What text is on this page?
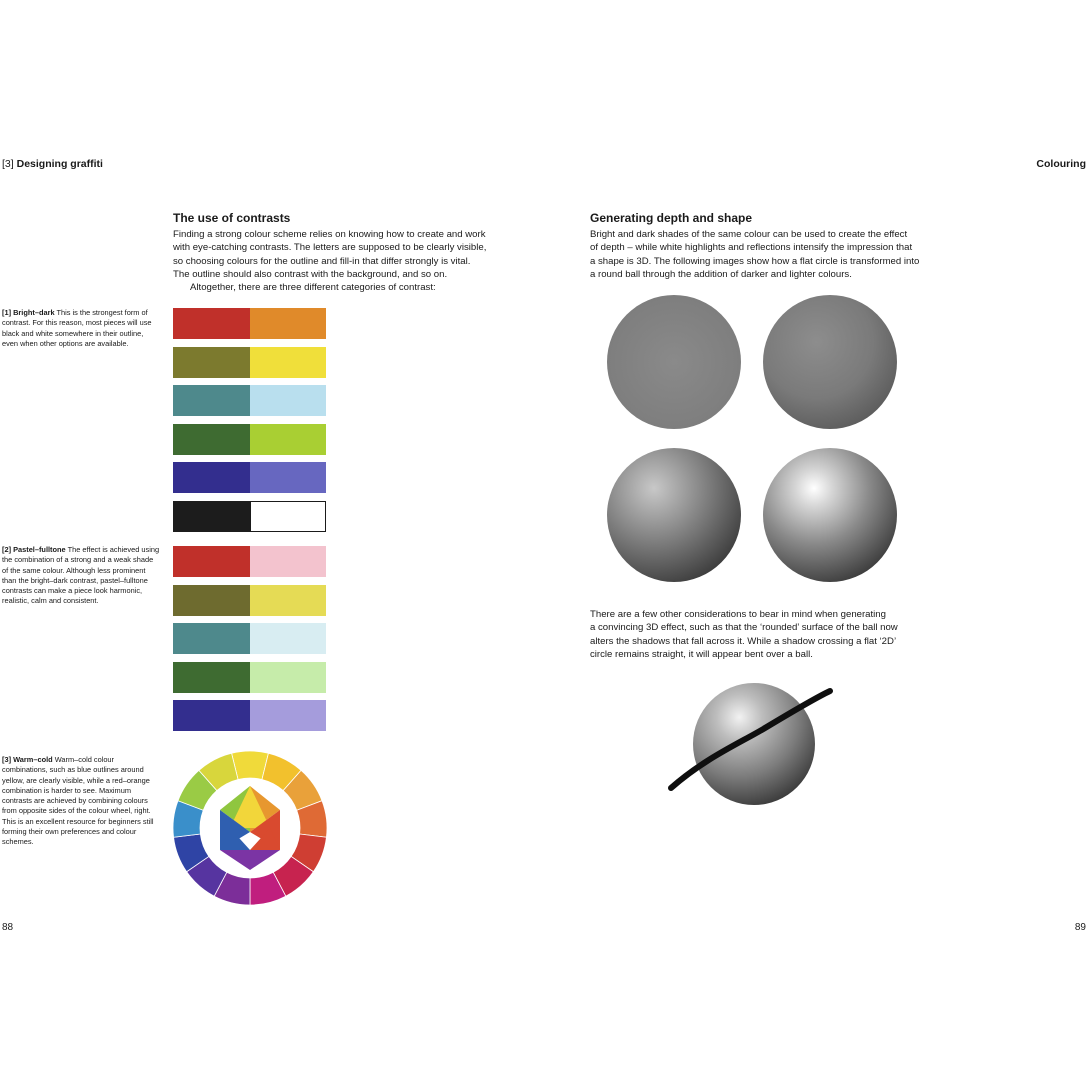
[3] Designing graffiti	Colouring
The use of contrasts

Finding a strong colour scheme relies on knowing how to create and work

with eye-catching contrasts. The letters are supposed to be clearly visible,

so choosing colours for the outline and fill-in that differ strongly is vital.

The outline should also contrast with the background, and so on.

Altogether, there are three different categories of contrast:

[1] Bright–dark This is the strongest form of contrast. For this reason, most pieces will use black and white somewhere in their outline, even when other options are available.
[2] Pastel–fulltone The effect is achieved using the combination of a strong and a weak shade of the same colour. Although less prominent than the bright–dark contrast, pastel–fulltone contrasts can make a piece look harmonic, realistic, calm and consistent.
[3] Warm–cold Warm–cold colour combinations, such as blue outlines around yellow, are clearly visible, while a red–orange combination is harder to see. Maximum contrasts are achieved by combining colours from opposite sides of the colour wheel, right. This is an excellent resource for beginners still forming their own preferences and colour schemes.
Generating depth and shape

Bright and dark shades of the same colour can be used to create the effect

of depth – while white highlights and reflections intensify the impression that

a shape is 3D. The following images show how a flat circle is transformed into

a round ball through the addition of darker and lighter colours.

There are a few other considerations to bear in mind when generating

a convincing 3D effect, such as that the ‘rounded’ surface of the ball now

alters the shadows that fall across it. While a shadow crossing a flat ‘2D’

circle remains straight, it will appear bent over a ball.

88	89
